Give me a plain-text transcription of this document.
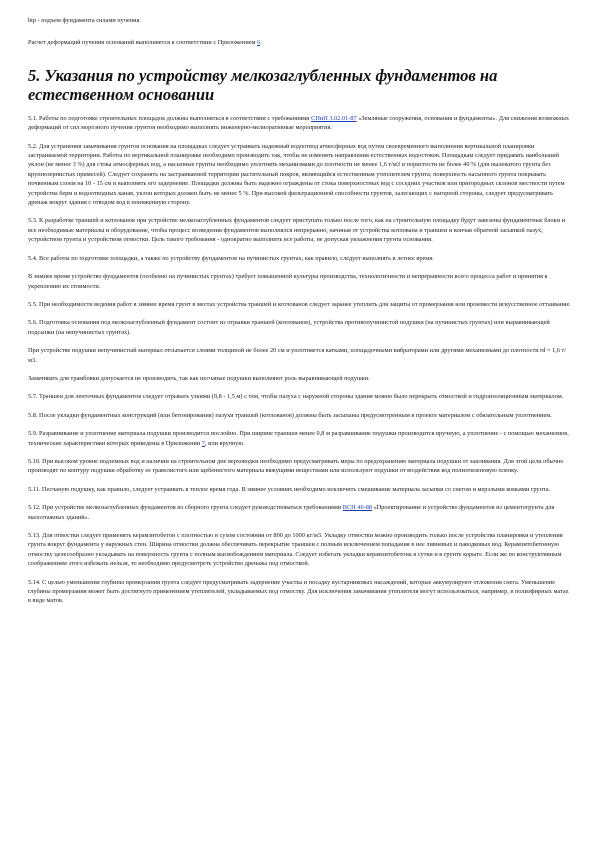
htp - подъем фундамента силами пучения.

Расчет деформаций пучения оснований выполняется в соответствии с Приложением 6.

5. Указания по устройству мелкозаглубленных фундаментов на естественном основании

5.1. Работы по подготовке строительных площадок должны выполняться в соответствии с требованиями СНиП 3.02.01-87 «Земляные сооружения, основания и фундаменты». Для снижения возможных деформаций от сил морозного пучения грунтов необходимо выполнять инженерно-мелиоративные мероприятия.

5.2. Для устранения замачивания грунтов основания на площадках следует устраивать надежный водоотвод атмосферных вод путем своевременного выполнения вертикальной планировки застраиваемой территории. Работы по вертикальной планировке необходимо производить так, чтобы не изменять направления естественных водостоков. Площадкам следует придавать наибольший уклон (не менее 3 %) для стока атмосферных вод, а насыпные грунты необходимо уплотнять механизмами до плотности не менее 1,6 т/м3 и пористости не более 40 % (для пылеватого грунта без крупнозернистых примесей). Следует сохранять на застраиваемой территории растительный покров, являющийся естественным утеплителем грунта; поверхность насыпного грунта покрывать почвенным слоем на 10 - 15 см и выполнять его задернение. Площадки должны быть надежно ограждены от стока поверхностных вод с соседних участков или пригородных склонов местности путем устройства берм и водоотводных канав, уклон которых должен быть не менее 5 %. При высокой фильтрационной способности грунтов, залегающих с нагорной стороны, следует предусматривать дренаж вокруг здания с отводом вод в пониженную сторону.

5.3. К разработке траншей и котлованов при устройстве мелкозаглубленных фундаментов следует приступать только после того, как на строительную площадку будут завезены фундаментные блоки и все необходимые материалы и оборудование, чтобы процесс возведения фундаментов выполнялся непрерывно, начиная от устройства котлована и траншеи и кончая обратной засыпкой пазух, устройством грунта и устройством отмостки. Цель такого требования - однократно выполнить все работы, не допуская увлажнения грунта основания.

5.4. Все работы по подготовке площадки, а также по устройству фундаментов на пучинистых грунтах, как правило, следует выполнять в летнее время.

В зимнее время устройство фундаментов (особенно на пучинистых грунтах) требует повышенной культуры производства, технологичности и непрерывности всего процесса работ и принятия к укреплению их стоимости.

5.5. При необходимости ведения работ в зимнее время грунт в местах устройства траншей и котлованов следует заранее утеплить для защиты от промерзания или произвести искусственное оттаивание.

5.6. Подготовка основания под мелкозаглубленный фундамент состоит из отрывки траншей (котлованов), устройства противопучинистой подушки (на пучинистых грунтах) или выравнивающей подсыпки (на непучинистых грунтах).

При устройстве подушки непучинистый материал отсыпается слоями толщиной не более 20 см и уплотняется катками, площадочными вибраторами или другими механизмами до плотности rd = 1,6 т/м3.

Замачивать для трамбовки допускается не производить, так как песчаные подушки выполняют роль выравнивающей подушки.

5.7. Траншеи для ленточных фундаментов следует отрывать узкими (0,8 - 1,5 м) с тем, чтобы пазуха с наружной стороны здания можно было перекрыть отмосткой и гидроизоляционным материалом.

5.8. После укладки фундаментных конструкций (или бетонирования) пазухи траншей (котлованов) должны быть засыпаны предусмотренным в проекте материалом с обязательным уплотнением.

5.9. Разравнивание и уплотнение материала подушки производится послойно. При ширине траншеи менее 0,8 м разравнивание подушки производится вручную, а уплотнение - с помощью механизмов, технические характеристики которых приведены в Приложении 7, или вручную.

5.10. При высоком уровне подземных вод и наличии на строительном дне верховодки необходимо предусматривать меры по предохранению материала подушки от заиливания. Для этой цели обычно производят по контуру подушки обработку ее гравелистого или щебенистого материала вяжущими веществами или используют подушки от воздействия вод полиэтиленовую пленку.

5.11. Песчаную подушку, как правило, следует устраивать в теплое время года. В зимнее условиях необходимо исключить смешивание материала засыпки со снегом и мерзлыми комьями грунта.

5.12. При устройстве мелкозаглубленных фундаментов из сборного грунта следует руководствоваться требованиями ВСН 40-88 «Проектирование и устройство фундаментов из цементогрунта для малоэтажных зданий».

5.13. Для отмостки следует применять керамзитобетон с плотностью в сухом состоянии от 800 до 1000 кг/м3. Укладку отмостки можно производить только после устройства планировки и утепления грунта вокруг фундамента у наружных стен. Ширина отмостки должна обеспечивать перекрытие траншеи с полным исключением попадания в нее ливневых и паводковых вод. Керамзитобетонную отмостку целесообразно укладывать на поверхность грунта с полным высвобождением материала. Следует избегать укладки керамзитобетона в сутки и в грунте корыте. Если же по конструктивным соображениям этого избежать нельзя, то необходимо предусмотреть устройство дренажа под отмосткой.

5.14. С целью уменьшения глубины промерзания грунта следует предусматривать задернение участка и посадку кустарниковых насаждений, которые аккумулируют отложения снега. Уменьшение глубины промерзания может быть достигнуто применением утеплителей, укладываемых под отмостку. Для исключения замачивания утеплителя могут использоваться, например, в полиэфирных матах в виде матов.
